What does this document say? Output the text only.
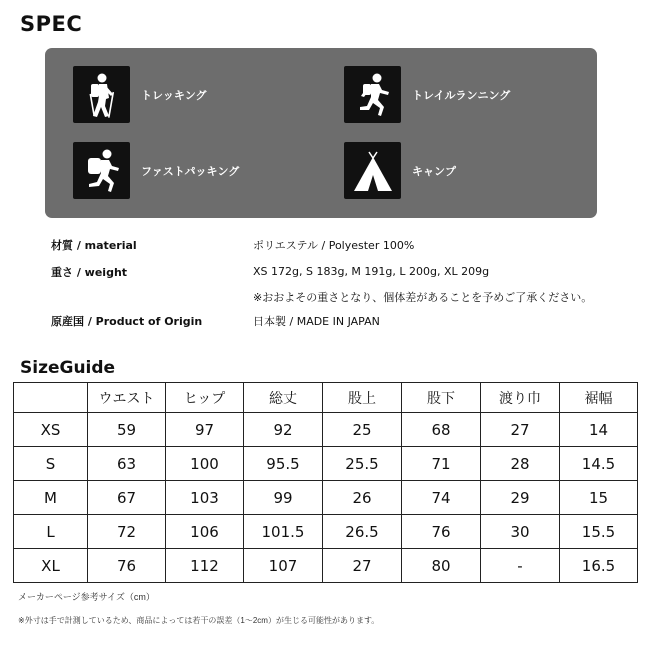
SPEC
トレッキング	トレイルランニング
ファストパッキング	キャンプ
材質 / material	ポリエステル / Polyester 100%
重さ / weight	XS 172g, S 183g, M 191g, L 200g, XL 209g
※おおよその重さとなり、個体差があることを予めご了承ください。
原産国 / Product of Origin	日本製 / MADE IN JAPAN
SizeGuide
	ウエスト	ヒップ	総丈	股上	股下	渡り巾	裾幅
XS	59	97	92	25	68	27	14
S	63	100	95.5	25.5	71	28	14.5
M	67	103	99	26	74	29	15
L	72	106	101.5	26.5	76	30	15.5
XL	76	112	107	27	80	-	16.5
メーカーページ参考サイズ（cm）
※外寸は手で計測しているため、商品によっては若干の誤差（1〜2cm）が生じる可能性があります。
